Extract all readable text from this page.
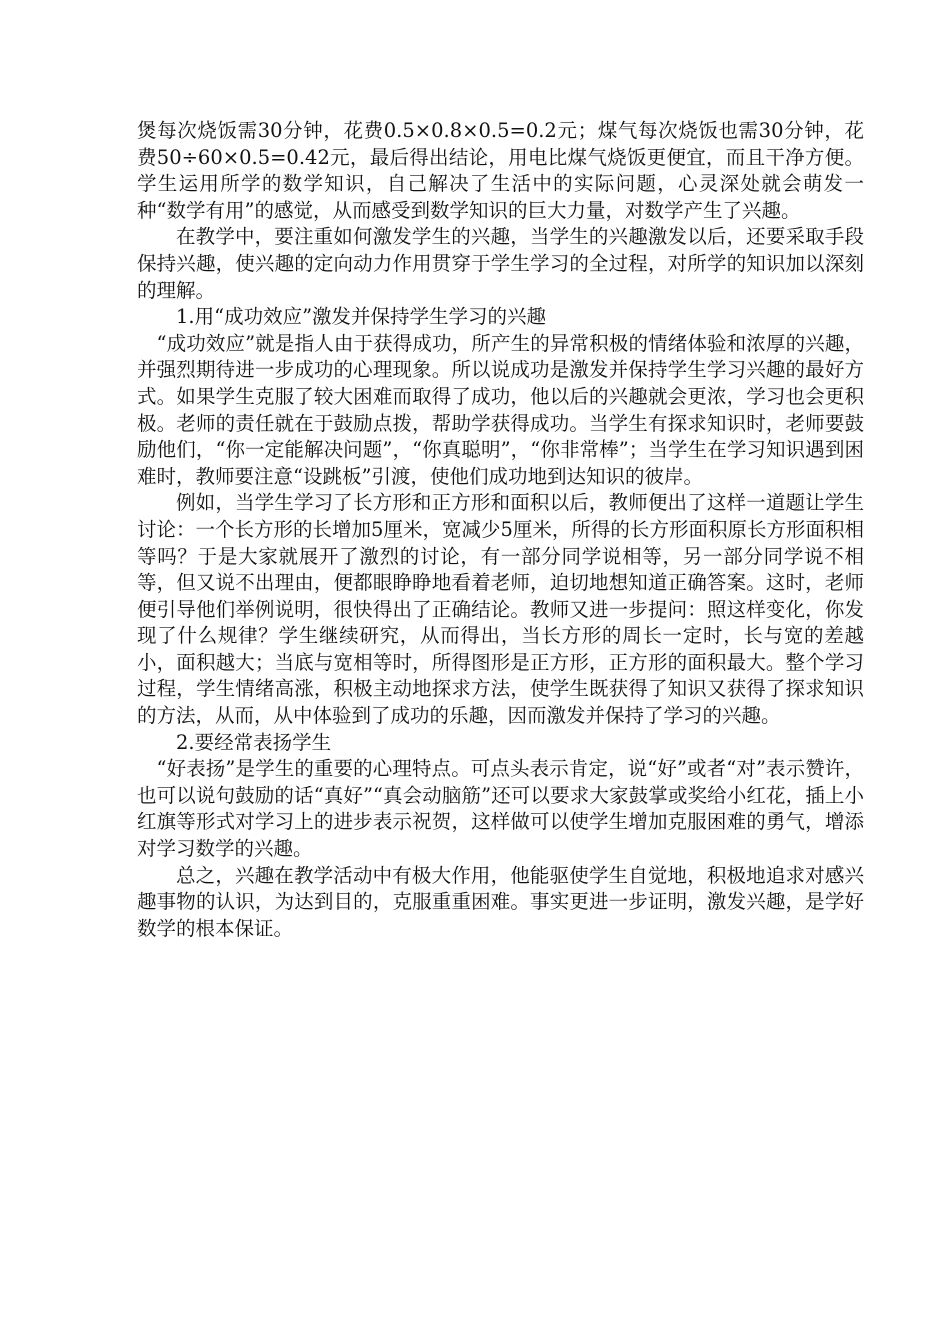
煲每次烧饭需30分钟，花费0.5×0.8×0.5=0.2元；煤气每次烧饭也需30分钟，花费50÷60×0.5=0.42元，最后得出结论，用电比煤气烧饭更便宜，而且干净方便。学生运用所学的数学知识，自己解决了生活中的实际问题，心灵深处就会萌发一种“数学有用”的感觉，从而感受到数学知识的巨大力量，对数学产生了兴趣。

在教学中，要注重如何激发学生的兴趣，当学生的兴趣激发以后，还要采取手段保持兴趣，使兴趣的定向动力作用贯穿于学生学习的全过程，对所学的知识加以深刻的理解。

1.用“成功效应”激发并保持学生学习的兴趣

“成功效应”就是指人由于获得成功，所产生的异常积极的情绪体验和浓厚的兴趣，并强烈期待进一步成功的心理现象。所以说成功是激发并保持学生学习兴趣的最好方式。如果学生克服了较大困难而取得了成功，他以后的兴趣就会更浓，学习也会更积极。老师的责任就在于鼓励点拨，帮助学获得成功。当学生有探求知识时，老师要鼓励他们，“你一定能解决问题”，“你真聪明”，“你非常棒”；当学生在学习知识遇到困难时，教师要注意“设跳板”引渡，使他们成功地到达知识的彼岸。

例如，当学生学习了长方形和正方形和面积以后，教师便出了这样一道题让学生讨论：一个长方形的长增加5厘米，宽减少5厘米，所得的长方形面积原长方形面积相等吗？于是大家就展开了激烈的讨论，有一部分同学说相等，另一部分同学说不相等，但又说不出理由，便都眼睁睁地看着老师，迫切地想知道正确答案。这时，老师便引导他们举例说明，很快得出了正确结论。教师又进一步提问：照这样变化，你发现了什么规律？学生继续研究，从而得出，当长方形的周长一定时，长与宽的差越小，面积越大；当底与宽相等时，所得图形是正方形，正方形的面积最大。整个学习过程，学生情绪高涨，积极主动地探求方法，使学生既获得了知识又获得了探求知识的方法，从而，从中体验到了成功的乐趣，因而激发并保持了学习的兴趣。

2.要经常表扬学生

“好表扬”是学生的重要的心理特点。可点头表示肯定，说“好”或者“对”表示赞许，也可以说句鼓励的话“真好”“真会动脑筋”还可以要求大家鼓掌或奖给小红花，插上小红旗等形式对学习上的进步表示祝贺，这样做可以使学生增加克服困难的勇气，增添对学习数学的兴趣。

总之，兴趣在教学活动中有极大作用，他能驱使学生自觉地，积极地追求对感兴趣事物的认识，为达到目的，克服重重困难。事实更进一步证明，激发兴趣，是学好数学的根本保证。
